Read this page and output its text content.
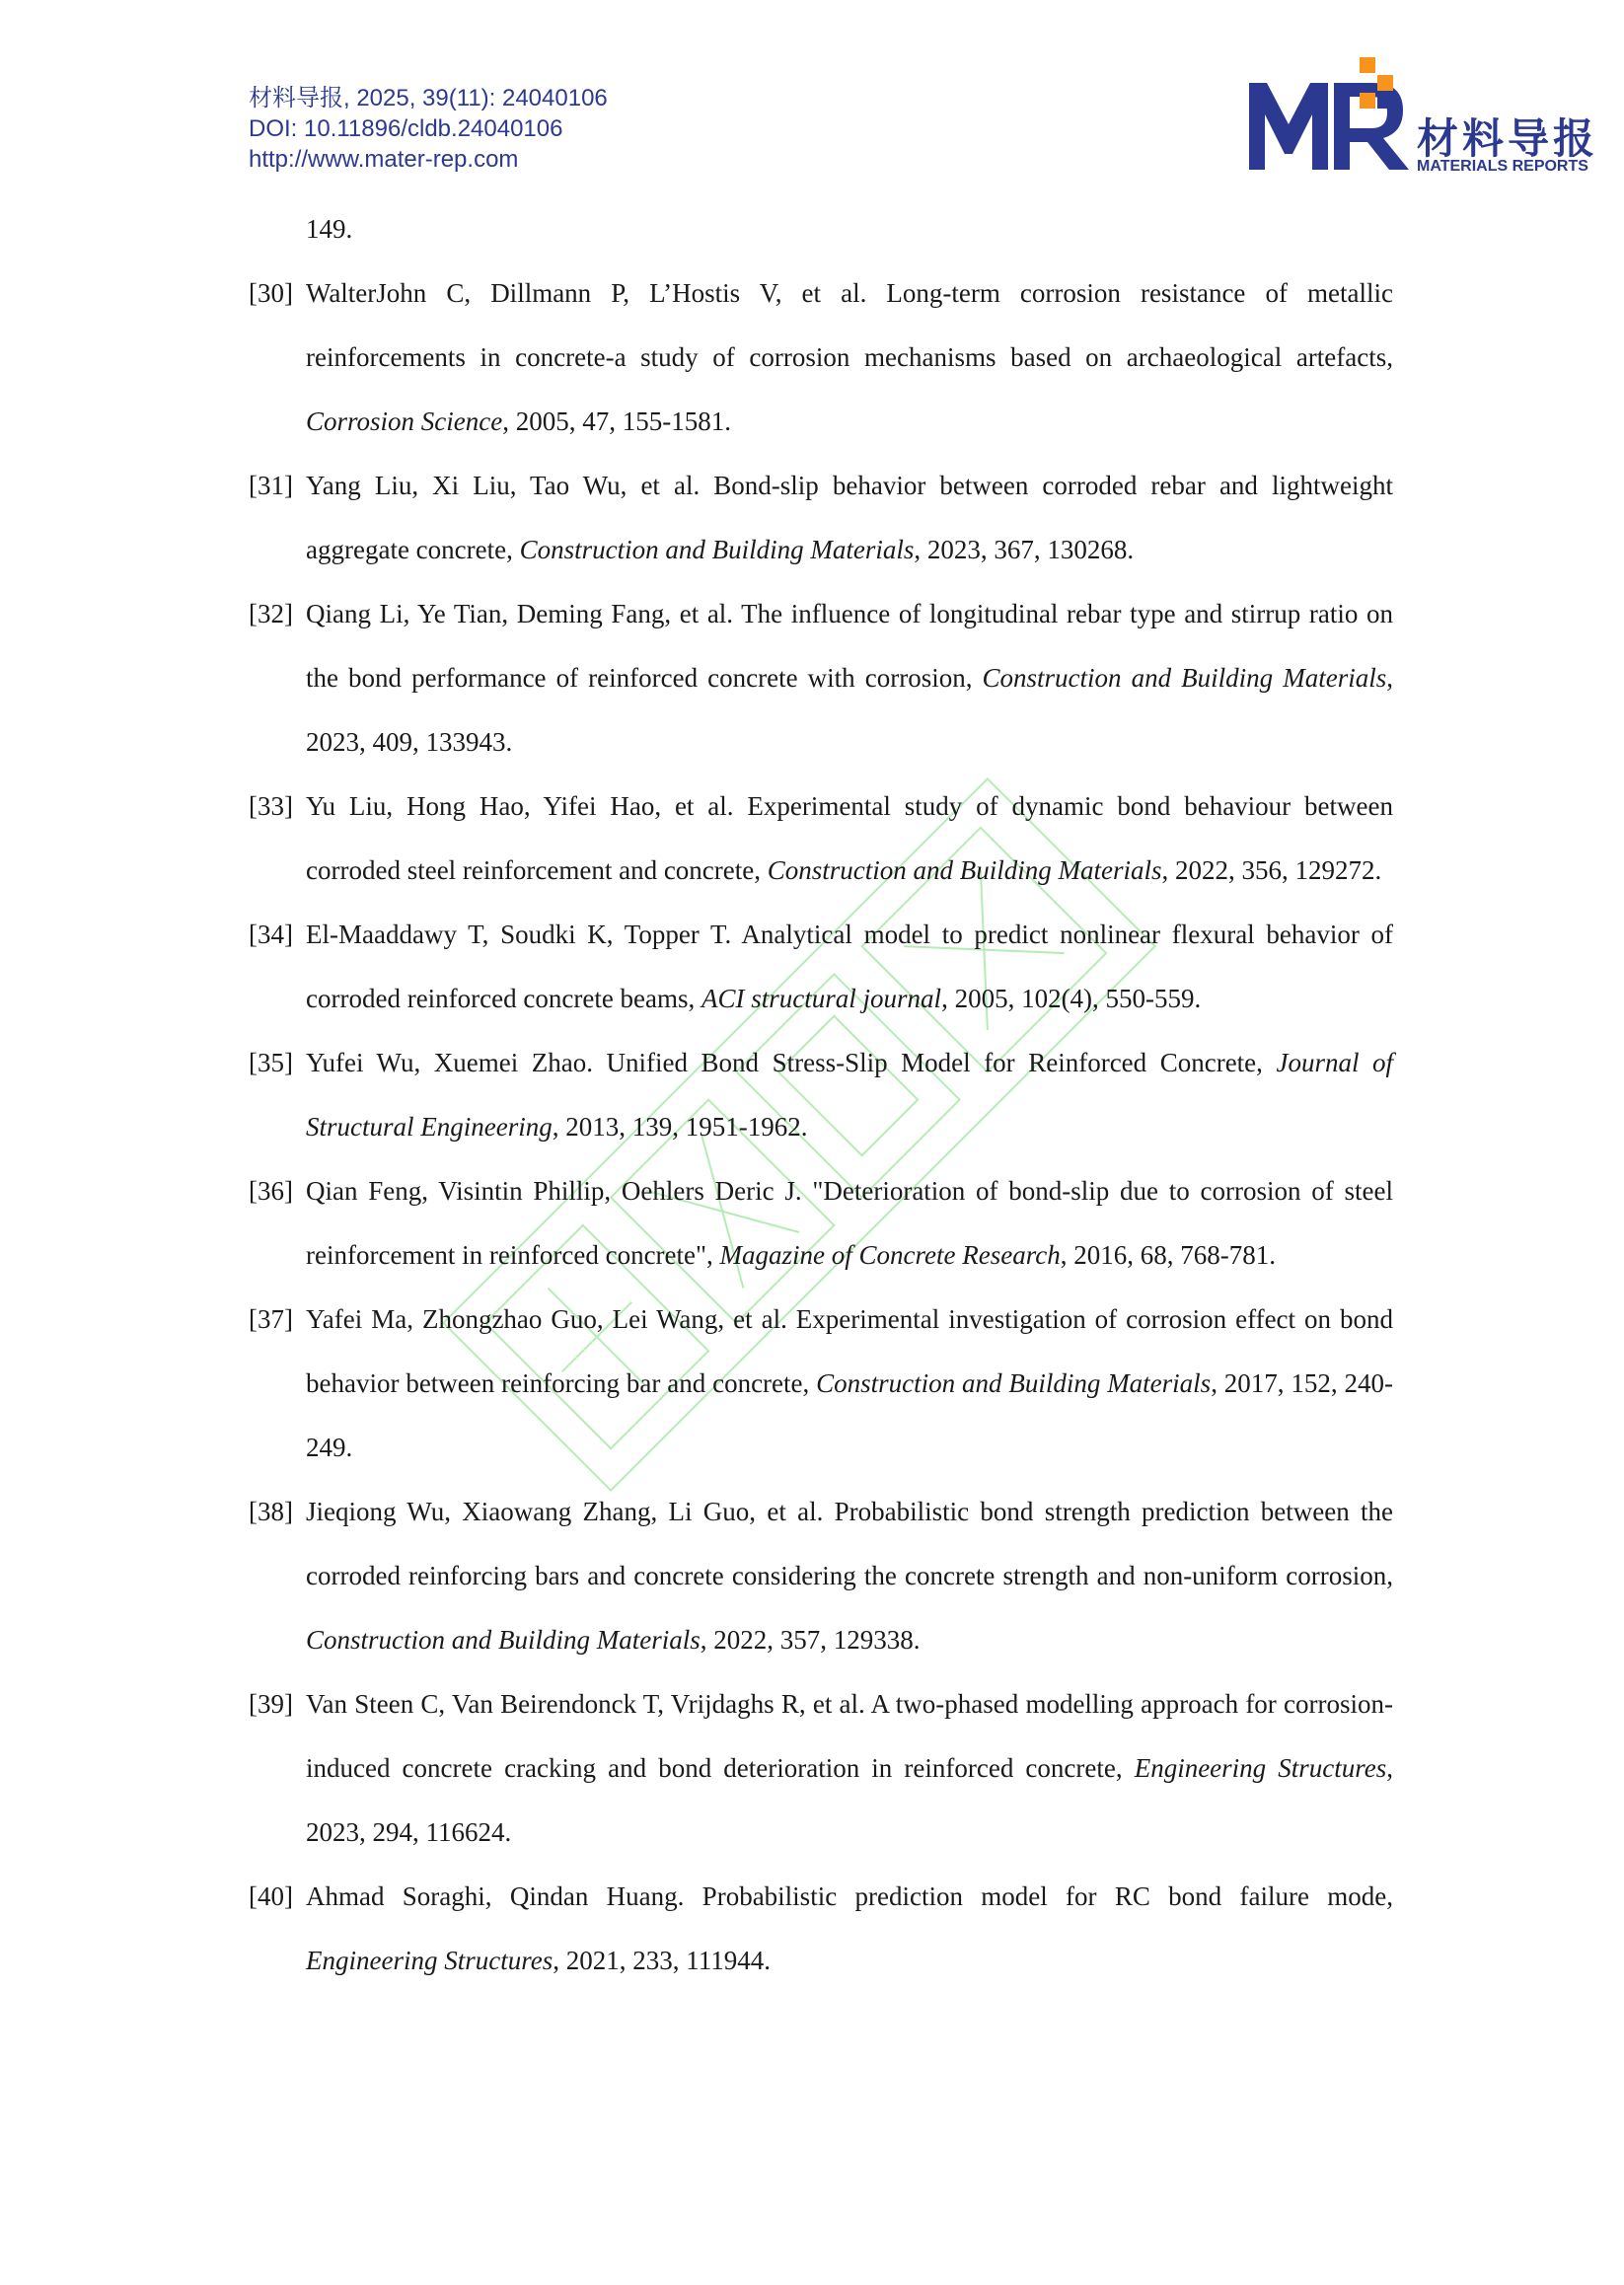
材料导报, 2025, 39(11): 24040106
DOI: 10.11896/cldb.24040106
http://www.mater-rep.com	材料导报
MATERIALS REPORTS
149.
[30] WalterJohn C, Dillmann P, L’Hostis V, et al. Long-term corrosion resistance of metallic reinforcements in concrete-a study of corrosion mechanisms based on archaeological artefacts, Corrosion Science, 2005, 47, 155-1581.
[31] Yang Liu, Xi Liu, Tao Wu, et al. Bond-slip behavior between corroded rebar and lightweight aggregate concrete, Construction and Building Materials, 2023, 367, 130268.
[32] Qiang Li, Ye Tian, Deming Fang, et al. The influence of longitudinal rebar type and stirrup ratio on the bond performance of reinforced concrete with corrosion, Construction and Building Materials, 2023, 409, 133943.
[33] Yu Liu, Hong Hao, Yifei Hao, et al. Experimental study of dynamic bond behaviour between corroded steel reinforcement and concrete, Construction and Building Materials, 2022, 356, 129272.
[34] El-Maaddawy T, Soudki K, Topper T. Analytical model to predict nonlinear flexural behavior of corroded reinforced concrete beams, ACI structural journal, 2005, 102(4), 550-559.
[35] Yufei Wu, Xuemei Zhao. Unified Bond Stress-Slip Model for Reinforced Concrete, Journal of Structural Engineering, 2013, 139, 1951-1962.
[36] Qian Feng, Visintin Phillip, Oehlers Deric J. "Deterioration of bond-slip due to corrosion of steel reinforcement in reinforced concrete", Magazine of Concrete Research, 2016, 68, 768-781.
[37] Yafei Ma, Zhongzhao Guo, Lei Wang, et al. Experimental investigation of corrosion effect on bond behavior between reinforcing bar and concrete, Construction and Building Materials, 2017, 152, 240-249.
[38] Jieqiong Wu, Xiaowang Zhang, Li Guo, et al. Probabilistic bond strength prediction between the corroded reinforcing bars and concrete considering the concrete strength and non-uniform corrosion, Construction and Building Materials, 2022, 357, 129338.
[39] Van Steen C, Van Beirendonck T, Vrijdaghs R, et al. A two-phased modelling approach for corrosion-induced concrete cracking and bond deterioration in reinforced concrete, Engineering Structures, 2023, 294, 116624.
[40] Ahmad Soraghi, Qindan Huang. Probabilistic prediction model for RC bond failure mode, Engineering Structures, 2021, 233, 111944.
